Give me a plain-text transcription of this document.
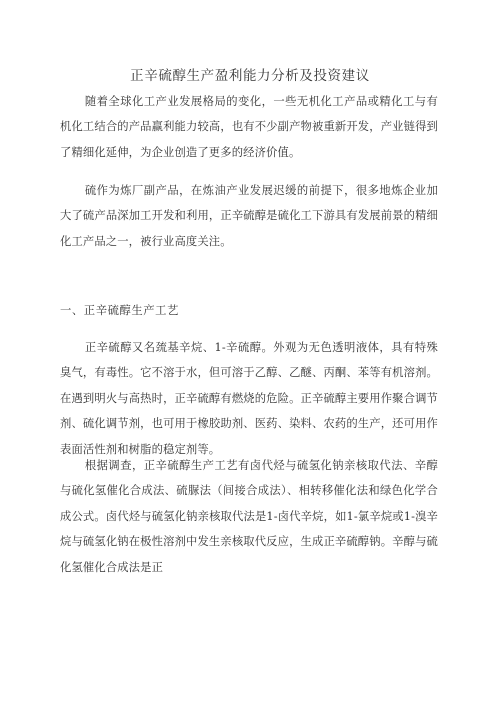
正辛硫醇生产盈利能力分析及投资建议

随着全球化工产业发展格局的变化，一些无机化工产品或精化工与有机化工结合的产品赢利能力较高，也有不少副产物被重新开发，产业链得到了精细化延伸，为企业创造了更多的经济价值。

硫作为炼厂副产品，在炼油产业发展迟缓的前提下，很多地炼企业加大了硫产品深加工开发和利用，正辛硫醇是硫化工下游具有发展前景的精细化工产品之一，被行业高度关注。

一、正辛硫醇生产工艺

正辛硫醇又名巯基辛烷、1-辛硫醇。外观为无色透明液体，具有特殊臭气，有毒性。它不溶于水，但可溶于乙醇、乙醚、丙酮、苯等有机溶剂。在遇到明火与高热时，正辛硫醇有燃烧的危险。正辛硫醇主要用作聚合调节剂、硫化调节剂，也可用于橡胶助剂、医药、染料、农药的生产，还可用作表面活性剂和树脂的稳定剂等。

根据调查，正辛硫醇生产工艺有卤代烃与硫氢化钠亲核取代法、辛醇与硫化氢催化合成法、硫脲法（间接合成法）、相转移催化法和绿色化学合成公式。卤代烃与硫氢化钠亲核取代法是1-卤代辛烷，如1-氯辛烷或1-溴辛烷与硫氢化钠在极性溶剂中发生亲核取代反应，生成正辛硫醇钠。辛醇与硫化氢催化合成法是正
